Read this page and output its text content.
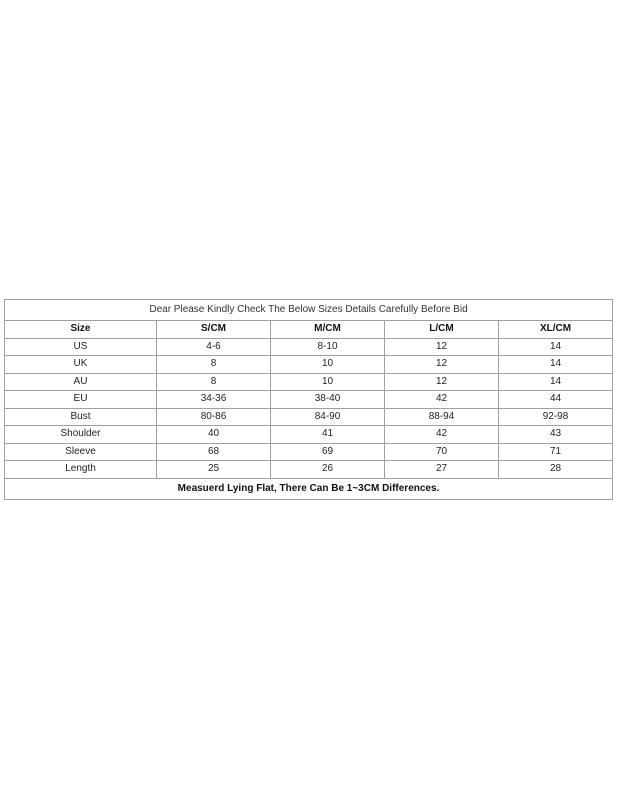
Dear Please Kindly Check The Below Sizes Details Carefully Before Bid				
Size	S/CM	M/CM	L/CM	XL/CM
US	4-6	8-10	12	14
UK	8	10	12	14
AU	8	10	12	14
EU	34-36	38-40	42	44
Bust	80-86	84-90	88-94	92-98
Shoulder	40	41	42	43
Sleeve	68	69	70	71
Length	25	26	27	28
Measuerd Lying Flat, There Can Be 1~3CM Differences.				
